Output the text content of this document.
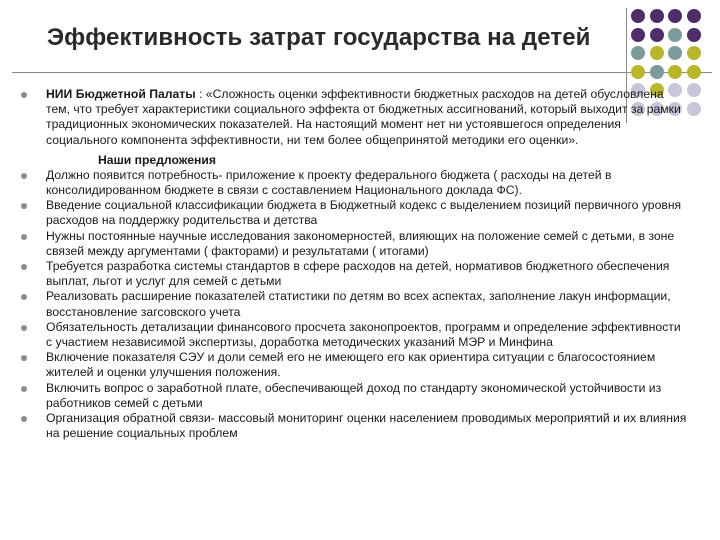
Эффективность затрат государства на детей
НИИ Бюджетной Палаты : «Сложность оценки эффективности бюджетных расходов на детей обусловлена тем, что требует характеристики социального эффекта от бюджетных ассигнований, который выходит за рамки традиционных экономических показателей. На настоящий момент нет ни устоявшегося определения социального компонента эффективности, ни тем более общепринятой методики его оценки».
Наши предложения
Должно появится потребность- приложение к проекту федерального бюджета ( расходы на детей в консолидированном бюджете в связи с составлением Национального доклада ФС).
Введение социальной классификации бюджета в Бюджетный кодекс с выделением позиций первичного уровня расходов на поддержку родительства и детства
Нужны постоянные научные исследования закономерностей, влияющих на положение семей с детьми, в зоне связей между аргументами ( факторами) и результатами ( итогами)
Требуется разработка системы стандартов в сфере расходов на детей, нормативов бюджетного обеспечения выплат, льгот и услуг для семей с детьми
Реализовать расширение показателей статистики по детям во всех аспектах, заполнение лакун информации, восстановление загсовского учета
Обязательность детализации финансового просчета законопроектов, программ и определение эффективности с участием независимой экспертизы, доработка методических указаний МЭР и Минфина
Включение показателя СЭУ и доли семей его не имеющего его как ориентира ситуации с благосостоянием жителей и оценки улучшения положения.
Включить вопрос о заработной плате, обеспечивающей доход по стандарту экономической устойчивости из работников семей с детьми
Организация обратной связи- массовый мониторинг оценки населением проводимых мероприятий и их влияния на решение социальных проблем
